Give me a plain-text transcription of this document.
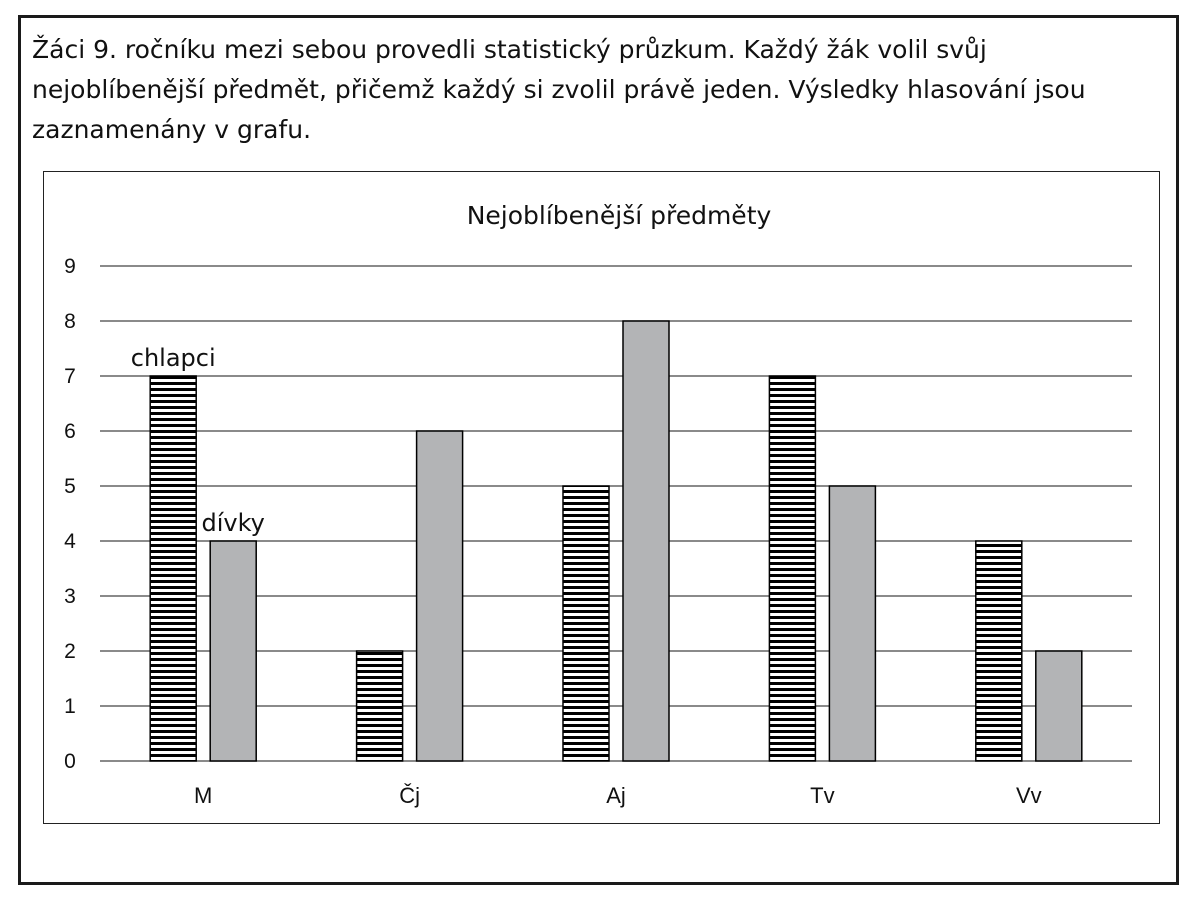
Žáci 9. ročníku mezi sebou provedli statistický průzkum. Každý žák volil svůj nejoblíbenější předmět, přičemž každý si zvolil právě jeden. Výsledky hlasování jsou zaznamenány v grafu.

Nejoblíbenější předměty
0
1
2
3
4
5
6
7
8
9
M	Čj	Aj	Tv	Vv
chlapci
dívky
